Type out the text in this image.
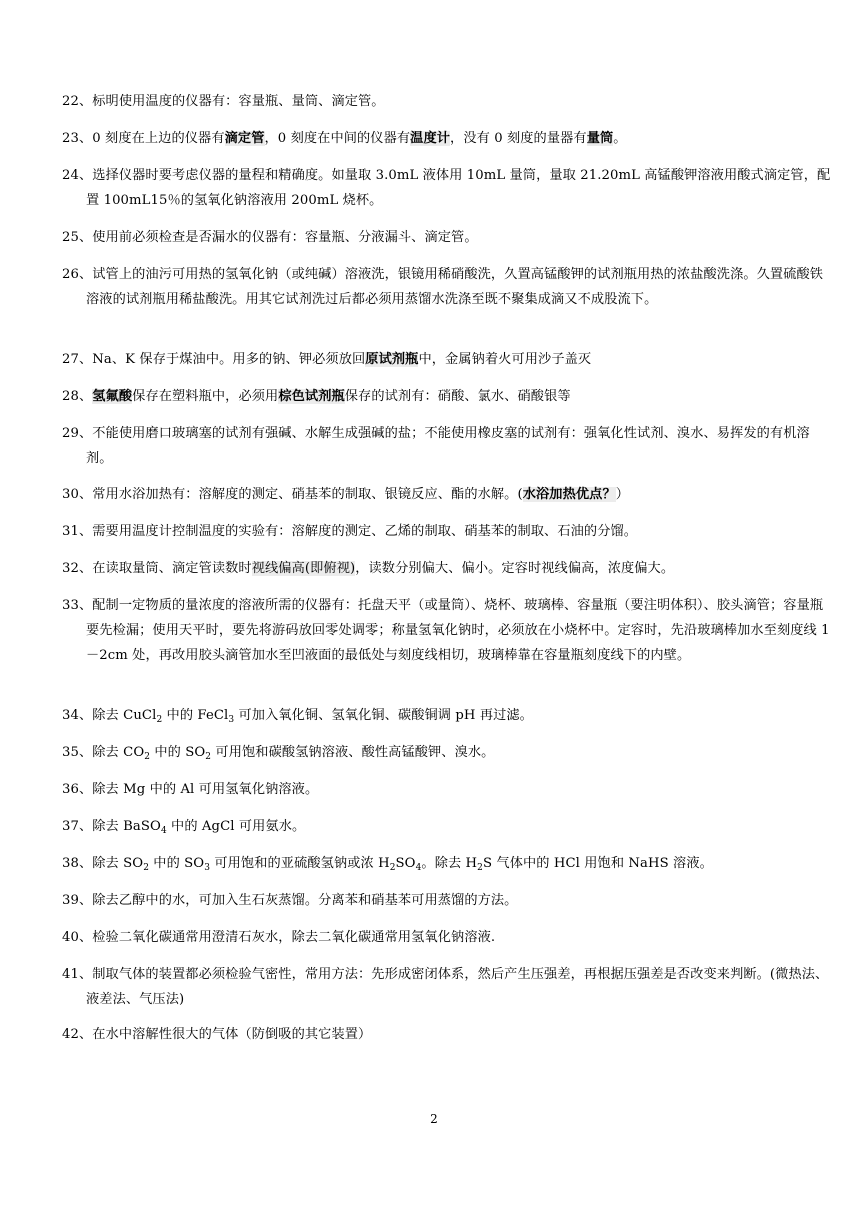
22、标明使用温度的仪器有：容量瓶、量筒、滴定管。
23、0 刻度在上边的仪器有滴定管，0 刻度在中间的仪器有温度计，没有 0 刻度的量器有量筒。
24、选择仪器时要考虑仪器的量程和精确度。如量取 3.0mL 液体用 10mL 量筒，量取 21.20mL 高锰酸钾溶液用酸式滴定管，配置 100mL15％的氢氧化钠溶液用 200mL 烧杯。
25、使用前必须检查是否漏水的仪器有：容量瓶、分液漏斗、滴定管。
26、试管上的油污可用热的氢氧化钠（或纯碱）溶液洗，银镜用稀硝酸洗，久置高锰酸钾的试剂瓶用热的浓盐酸洗涤。久置硫酸铁溶液的试剂瓶用稀盐酸洗。用其它试剂洗过后都必须用蒸馏水洗涤至既不聚集成滴又不成股流下。
27、Na、K 保存于煤油中。用多的钠、钾必须放回原试剂瓶中，金属钠着火可用沙子盖灭
28、氢氟酸保存在塑料瓶中，必须用棕色试剂瓶保存的试剂有：硝酸、氯水、硝酸银等
29、不能使用磨口玻璃塞的试剂有强碱、水解生成强碱的盐；不能使用橡皮塞的试剂有：强氧化性试剂、溴水、易挥发的有机溶剂。
30、常用水浴加热有：溶解度的测定、硝基苯的制取、银镜反应、酯的水解。(水浴加热优点？）
31、需要用温度计控制温度的实验有：溶解度的测定、乙烯的制取、硝基苯的制取、石油的分馏。
32、在读取量筒、滴定管读数时视线偏高(即俯视)，读数分别偏大、偏小。定容时视线偏高，浓度偏大。
33、配制一定物质的量浓度的溶液所需的仪器有：托盘天平（或量筒）、烧杯、玻璃棒、容量瓶（要注明体积）、胶头滴管；容量瓶要先检漏；使用天平时，要先将游码放回零处调零；称量氢氧化钠时，必须放在小烧杯中。定容时，先沿玻璃棒加水至刻度线 1－2cm 处，再改用胶头滴管加水至凹液面的最低处与刻度线相切，玻璃棒靠在容量瓶刻度线下的内壁。
34、除去 CuCl$_2$ 中的 FeCl$_3$ 可加入氧化铜、氢氧化铜、碳酸铜调 pH 再过滤。
35、除去 $CO_2$ 中的 $SO_2$ 可用饱和碳酸氢钠溶液、酸性高锰酸钾、溴水。
36、除去 Mg 中的 Al 可用氢氧化钠溶液。
37、除去 BaSO$_4$ 中的 AgCl 可用氨水。
38、除去 $SO_2$ 中的 $SO_3$ 可用饱和的亚硫酸氢钠或浓 $H_2SO_4$。除去 $H_2S$ 气体中的 HCl 用饱和 NaHS 溶液。
39、除去乙醇中的水，可加入生石灰蒸馏。分离苯和硝基苯可用蒸馏的方法。
40、检验二氧化碳通常用澄清石灰水，除去二氧化碳通常用氢氧化钠溶液.
41、制取气体的装置都必须检验气密性，常用方法：先形成密闭体系，然后产生压强差，再根据压强差是否改变来判断。(微热法、液差法、气压法)
42、在水中溶解性很大的气体（防倒吸的其它装置）
2
